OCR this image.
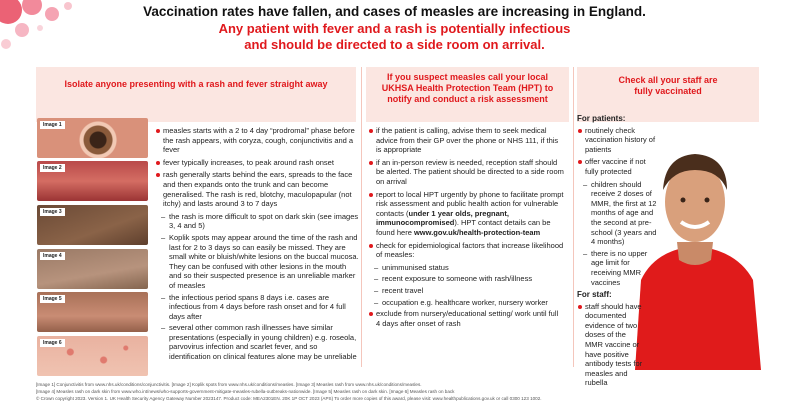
Vaccination rates have fallen, and cases of measles are increasing in England.
Any patient with fever and a rash is potentially infectious
and should be directed to a side room on arrival.
Isolate anyone presenting with a rash and fever straight away
If you suspect measles call your local UKHSA Health Protection Team (HPT) to notify and conduct a risk assessment
Check all your staff are fully vaccinated
Image 1
Image 2
Image 3
Image 4
Image 5
Image 6
measles starts with a 2 to 4 day “prodromal” phase before the rash appears, with coryza, cough, conjunctivitis and a fever
fever typically increases, to peak around rash onset
rash generally starts behind the ears, spreads to the face and then expands onto the trunk and can become generalised. The rash is red, blotchy, maculopapular (not itchy) and lasts around 3 to 7 days
– the rash is more difficult to spot on dark skin (see images 3, 4 and 5)
– Koplik spots may appear around the time of the rash and last for 2 to 3 days so can easily be missed. They are small white or bluish/white lesions on the buccal mucosa. They can be confused with other lesions in the mouth and so their suspected presence is an unreliable marker of measles
– the infectious period spans 8 days i.e. cases are infectious from 4 days before rash onset and for 4 full days after
– several other common rash illnesses have similar presentations (especially in young children) e.g. roseola, parvovirus infection and scarlet fever, and so identification on clinical features alone may be unreliable
if the patient is calling, advise them to seek medical advice from their GP over the phone or NHS 111, if this is appropriate
if an in-person review is needed, reception staff should be alerted. The patient should be directed to a side room on arrival
report to local HPT urgently by phone to facilitate prompt risk assessment and public health action for vulnerable contacts (under 1 year olds, pregnant, immunocompromised). HPT contact details can be found here www.gov.uk/health-protection-team
check for epidemiological factors that increase likelihood of measles:
– unimmunised status
– recent exposure to someone with rash/illness
– recent travel
– occupation e.g. healthcare worker, nursery worker
exclude from nursery/educational setting/ work until full 4 days after onset of rash
For patients:
routinely check vaccination history of patients
offer vaccine if not fully protected
– children should receive 2 doses of MMR, the first at 12 months of age and the second at pre-school (3 years and 4 months)
– there is no upper age limit for receiving MMR vaccines
For staff:
staff should have documented evidence of two doses of the MMR vaccine or have positive antibody tests for measles and rubella
[Image 1] Conjunctivitis from www.nhs.uk/conditions/conjunctivitis. [Image 2] Koplik spots from www.nhs.uk/conditions/measles. [Image 3] Measles rash from www.nhs.uk/conditions/measles.
[Image 4] Measles rash on dark skin from www.who.int/news/who-supports-government-mitigate-measles-rubella-outbreaks-nationwide. [Image 5] Measles rash on dark skin. [Image 6] Measles rash on back
© Crown copyright 2023. Version 1. UK Health Security Agency Gateway Number 2023147. Product code: MEA2301EN. 20K 1P OCT 2023 (APS) To order more copies of this award, please visit: www.healthpublications.gov.uk or call 0300 123 1002.
